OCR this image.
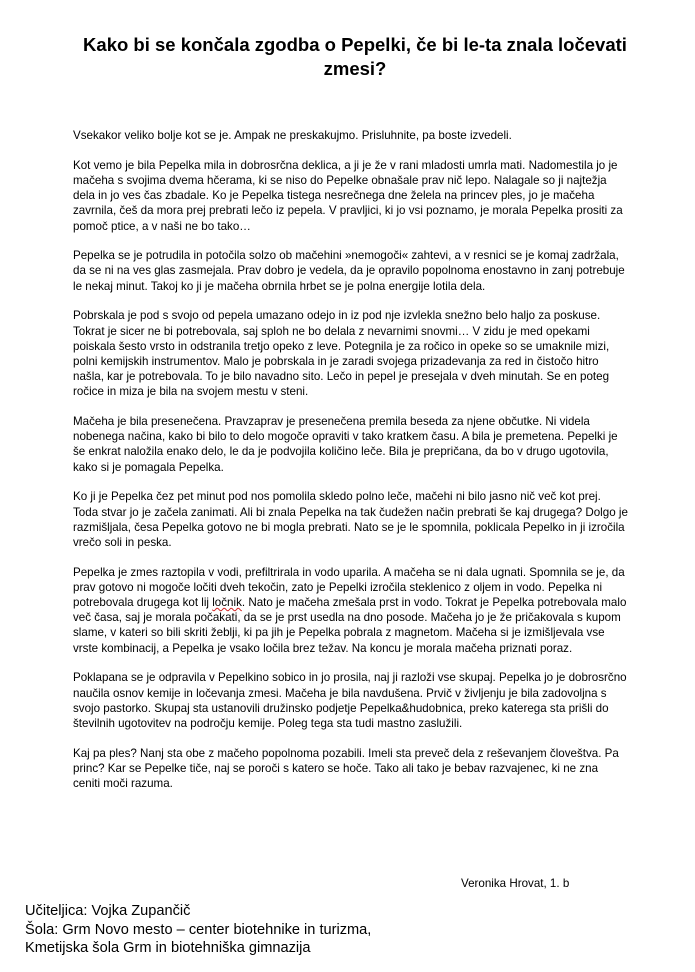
Kako bi se končala zgodba o Pepelki, če bi le-ta znala ločevati zmesi?

Vsekakor veliko bolje kot se je. Ampak ne preskakujmo. Prisluhnite, pa boste izvedeli.

Kot vemo je bila Pepelka mila in dobrosrčna deklica, a ji je že v rani mladosti umrla mati. Nadomestila jo je mačeha s svojima dvema hčerama, ki se niso do Pepelke obnašale prav nič lepo. Nalagale so ji najtežja dela in jo ves čas zbadale. Ko je Pepelka tistega nesrečnega dne želela na princev ples, jo je mačeha zavrnila, češ da mora prej prebrati lečo iz pepela. V pravljici, ki jo vsi poznamo, je morala Pepelka prositi za pomoč ptice, a v naši ne bo tako…

Pepelka se je potrudila in potočila solzo ob mačehini »nemogoči« zahtevi, a v resnici se je komaj zadržala, da se ni na ves glas zasmejala. Prav dobro je vedela, da je opravilo popolnoma enostavno in zanj potrebuje le nekaj minut. Takoj ko ji je mačeha obrnila hrbet se je polna energije lotila dela.

Pobrskala je pod s svojo od pepela umazano odejo in iz pod nje izvlekla snežno belo haljo za poskuse. Tokrat je sicer ne bi potrebovala, saj sploh ne bo delala z nevarnimi snovmi… V zidu je med opekami poiskala šesto vrsto in odstranila tretjo opeko z leve. Potegnila je za ročico in opeke so se umaknile mizi, polni kemijskih instrumentov. Malo je pobrskala in je zaradi svojega prizadevanja za red in čistočo hitro našla, kar je potrebovala. To je bilo navadno sito. Lečo in pepel je presejala v dveh minutah. Se en poteg ročice in miza je bila na svojem mestu v steni.

Mačeha je bila presenečena. Pravzaprav je presenečena premila beseda za njene občutke. Ni videla nobenega načina, kako bi bilo to delo mogoče opraviti v tako kratkem času. A bila je premetena. Pepelki je še enkrat naložila enako delo, le da je podvojila količino leče. Bila je prepričana, da bo v drugo ugotovila, kako si je pomagala Pepelka.

Ko ji je Pepelka čez pet minut pod nos pomolila skledo polno leče, mačehi ni bilo jasno nič več kot prej. Toda stvar jo je začela zanimati. Ali bi znala Pepelka na tak čudežen način prebrati še kaj drugega? Dolgo je razmišljala, česa Pepelka gotovo ne bi mogla prebrati. Nato se je le spomnila, poklicala Pepelko in ji izročila vrečo soli in peska.

Pepelka je zmes raztopila v vodi, prefiltrirala in vodo uparila. A mačeha se ni dala ugnati. Spomnila se je, da prav gotovo ni mogoče ločiti dveh tekočin, zato je Pepelki izročila steklenico z oljem in vodo. Pepelka ni potrebovala drugega kot lij ločnik. Nato je mačeha zmešala prst in vodo. Tokrat je Pepelka potrebovala malo več časa, saj je morala počakati, da se je prst usedla na dno posode. Mačeha jo je že pričakovala s kupom slame, v kateri so bili skriti žeblji, ki pa jih je Pepelka pobrala z magnetom. Mačeha si je izmišljevala vse vrste kombinacij, a Pepelka je vsako ločila brez težav. Na koncu je morala mačeha priznati poraz.

Poklapana se je odpravila v Pepelkino sobico in jo prosila, naj ji razloži vse skupaj. Pepelka jo je dobrosrčno naučila osnov kemije in ločevanja zmesi. Mačeha je bila navdušena. Prvič v življenju je bila zadovoljna s svojo pastorko. Skupaj sta ustanovili družinsko podjetje Pepelka&hudobnica, preko katerega sta prišli do številnih ugotovitev na področju kemije. Poleg tega sta tudi mastno zaslužili.

Kaj pa ples? Nanj sta obe z mačeho popolnoma pozabili. Imeli sta preveč dela z reševanjem človeštva. Pa princ? Kar se Pepelke tiče, naj se poroči s katero se hoče. Tako ali tako je bebav razvajenec, ki ne zna ceniti moči razuma.

Veronika Hrovat, 1. b
Učiteljica: Vojka Zupančič
Šola: Grm Novo mesto – center biotehnike in turizma,
Kmetijska šola Grm in biotehniška gimnazija
